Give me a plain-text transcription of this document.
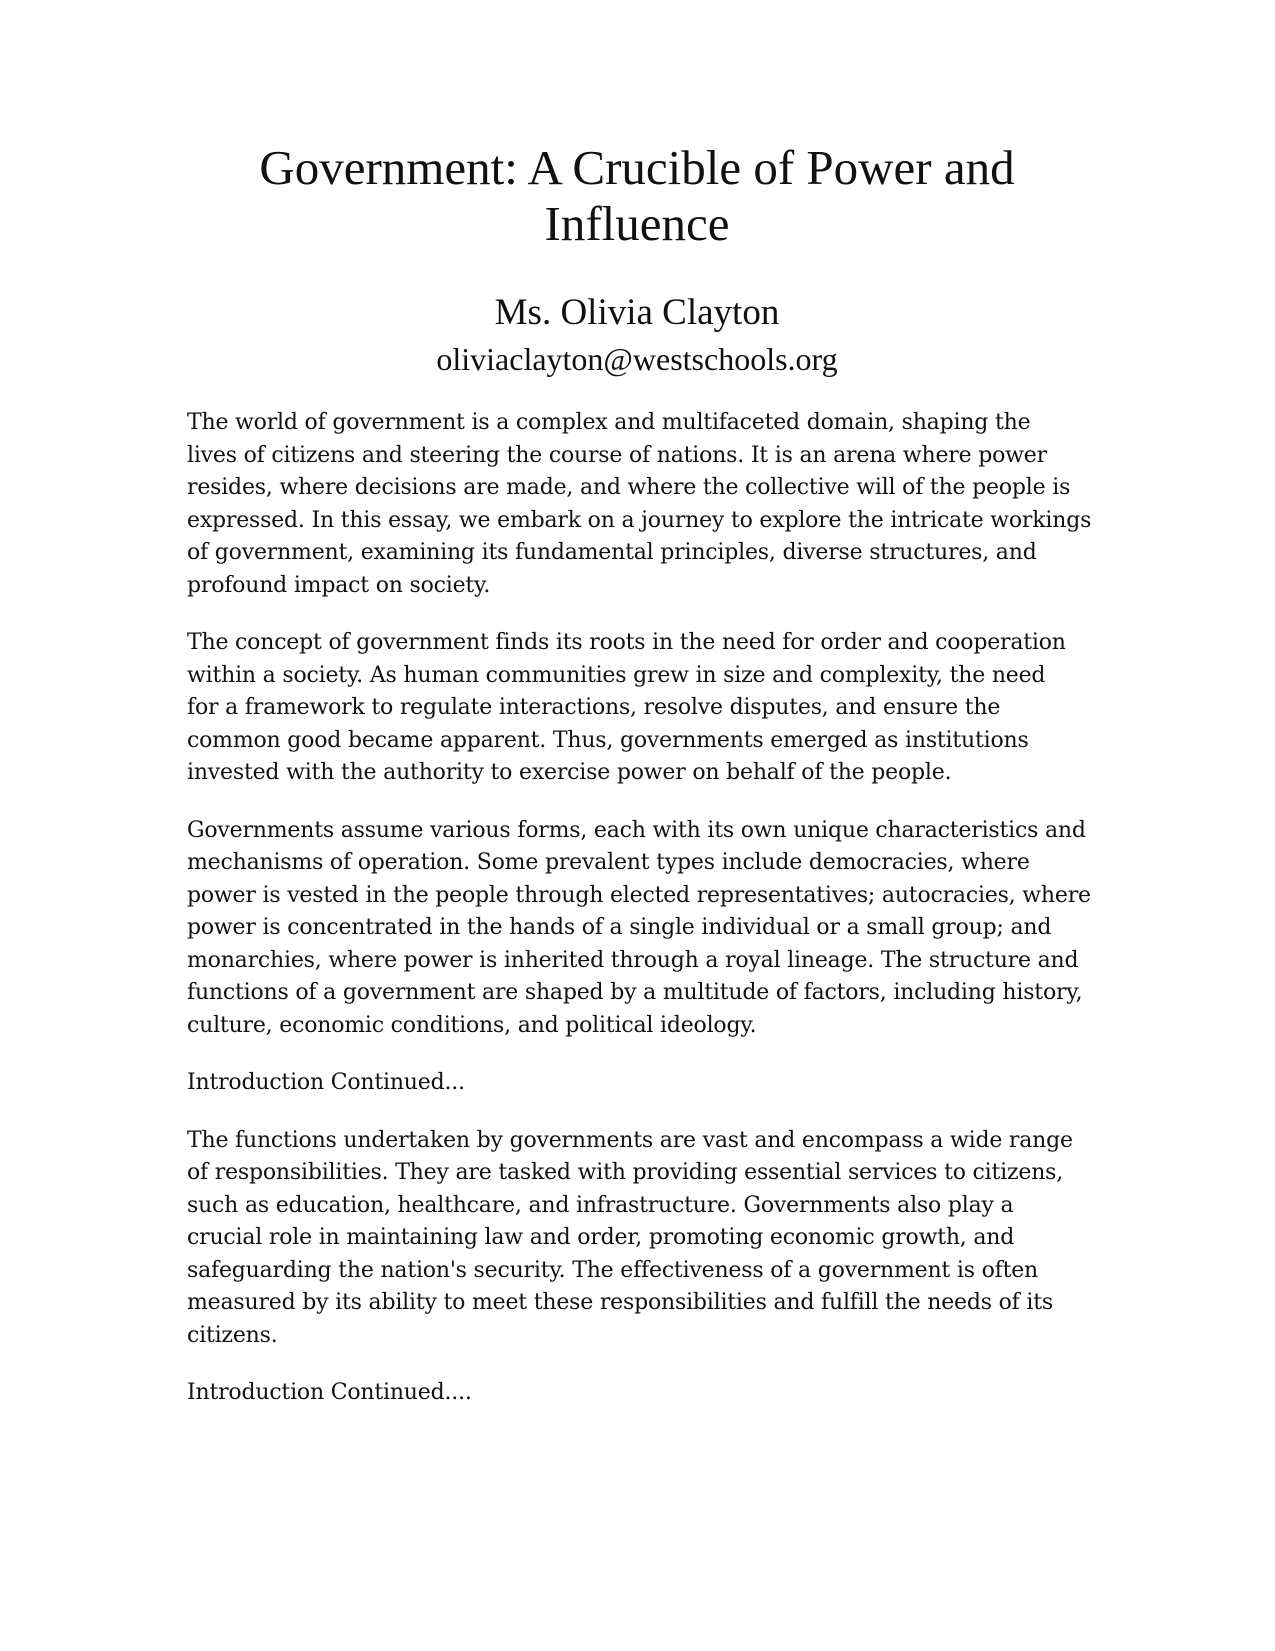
Government: A Crucible of Power and
Influence
Ms. Olivia Clayton
oliviaclayton@westschools.org

The world of government is a complex and multifaceted domain, shaping the
lives of citizens and steering the course of nations. It is an arena where power
resides, where decisions are made, and where the collective will of the people is
expressed. In this essay, we embark on a journey to explore the intricate workings
of government, examining its fundamental principles, diverse structures, and
profound impact on society.

The concept of government finds its roots in the need for order and cooperation
within a society. As human communities grew in size and complexity, the need
for a framework to regulate interactions, resolve disputes, and ensure the
common good became apparent. Thus, governments emerged as institutions
invested with the authority to exercise power on behalf of the people.

Governments assume various forms, each with its own unique characteristics and
mechanisms of operation. Some prevalent types include democracies, where
power is vested in the people through elected representatives; autocracies, where
power is concentrated in the hands of a single individual or a small group; and
monarchies, where power is inherited through a royal lineage. The structure and
functions of a government are shaped by a multitude of factors, including history,
culture, economic conditions, and political ideology.

Introduction Continued...

The functions undertaken by governments are vast and encompass a wide range
of responsibilities. They are tasked with providing essential services to citizens,
such as education, healthcare, and infrastructure. Governments also play a
crucial role in maintaining law and order, promoting economic growth, and
safeguarding the nation's security. The effectiveness of a government is often
measured by its ability to meet these responsibilities and fulfill the needs of its
citizens.

Introduction Continued....
